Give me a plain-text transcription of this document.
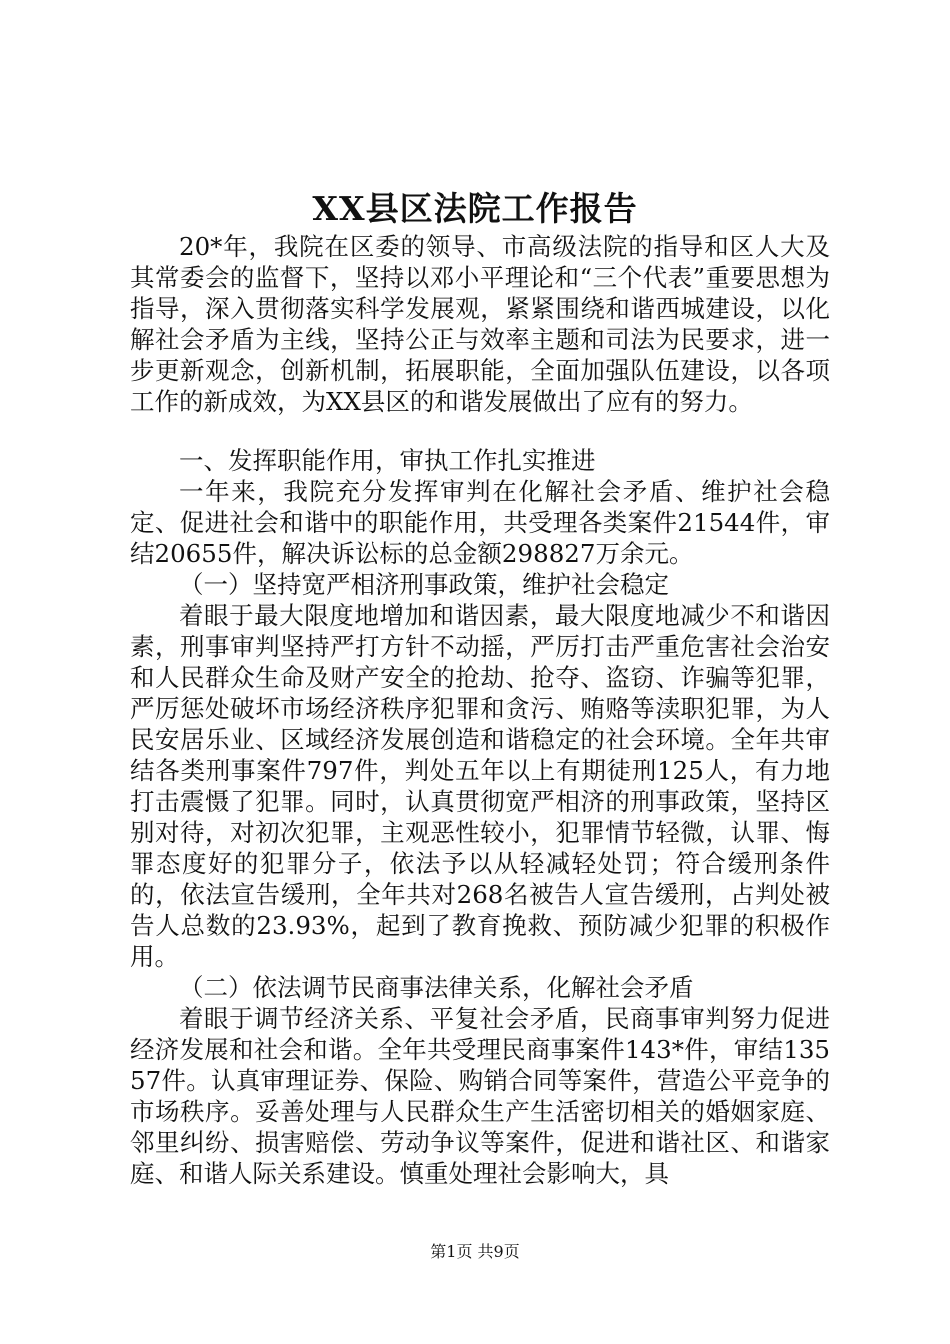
XX县区法院工作报告

20*年，我院在区委的领导、市高级法院的指导和区人大及其常委会的监督下，坚持以邓小平理论和“三个代表”重要思想为指导，深入贯彻落实科学发展观，紧紧围绕和谐西城建设，以化解社会矛盾为主线，坚持公正与效率主题和司法为民要求，进一步更新观念，创新机制，拓展职能，全面加强队伍建设，以各项工作的新成效，为XX县区的和谐发展做出了应有的努力。

一、发挥职能作用，审执工作扎实推进

一年来，我院充分发挥审判在化解社会矛盾、维护社会稳定、促进社会和谐中的职能作用，共受理各类案件21544件，审结20655件，解决诉讼标的总金额298827万余元。

（一）坚持宽严相济刑事政策，维护社会稳定

着眼于最大限度地增加和谐因素，最大限度地减少不和谐因素，刑事审判坚持严打方针不动摇，严厉打击严重危害社会治安和人民群众生命及财产安全的抢劫、抢夺、盗窃、诈骗等犯罪，严厉惩处破坏市场经济秩序犯罪和贪污、贿赂等渎职犯罪，为人民安居乐业、区域经济发展创造和谐稳定的社会环境。全年共审结各类刑事案件797件，判处五年以上有期徒刑125人，有力地打击震慑了犯罪。同时，认真贯彻宽严相济的刑事政策，坚持区别对待，对初次犯罪，主观恶性较小，犯罪情节轻微，认罪、悔罪态度好的犯罪分子，依法予以从轻减轻处罚；符合缓刑条件的，依法宣告缓刑，全年共对268名被告人宣告缓刑，占判处被告人总数的23.93%，起到了教育挽救、预防减少犯罪的积极作用。

（二）依法调节民商事法律关系，化解社会矛盾

着眼于调节经济关系、平复社会矛盾，民商事审判努力促进经济发展和社会和谐。全年共受理民商事案件143*件，审结13557件。认真审理证券、保险、购销合同等案件，营造公平竞争的市场秩序。妥善处理与人民群众生产生活密切相关的婚姻家庭、邻里纠纷、损害赔偿、劳动争议等案件，促进和谐社区、和谐家庭、和谐人际关系建设。慎重处理社会影响大，具

第1页 共9页
